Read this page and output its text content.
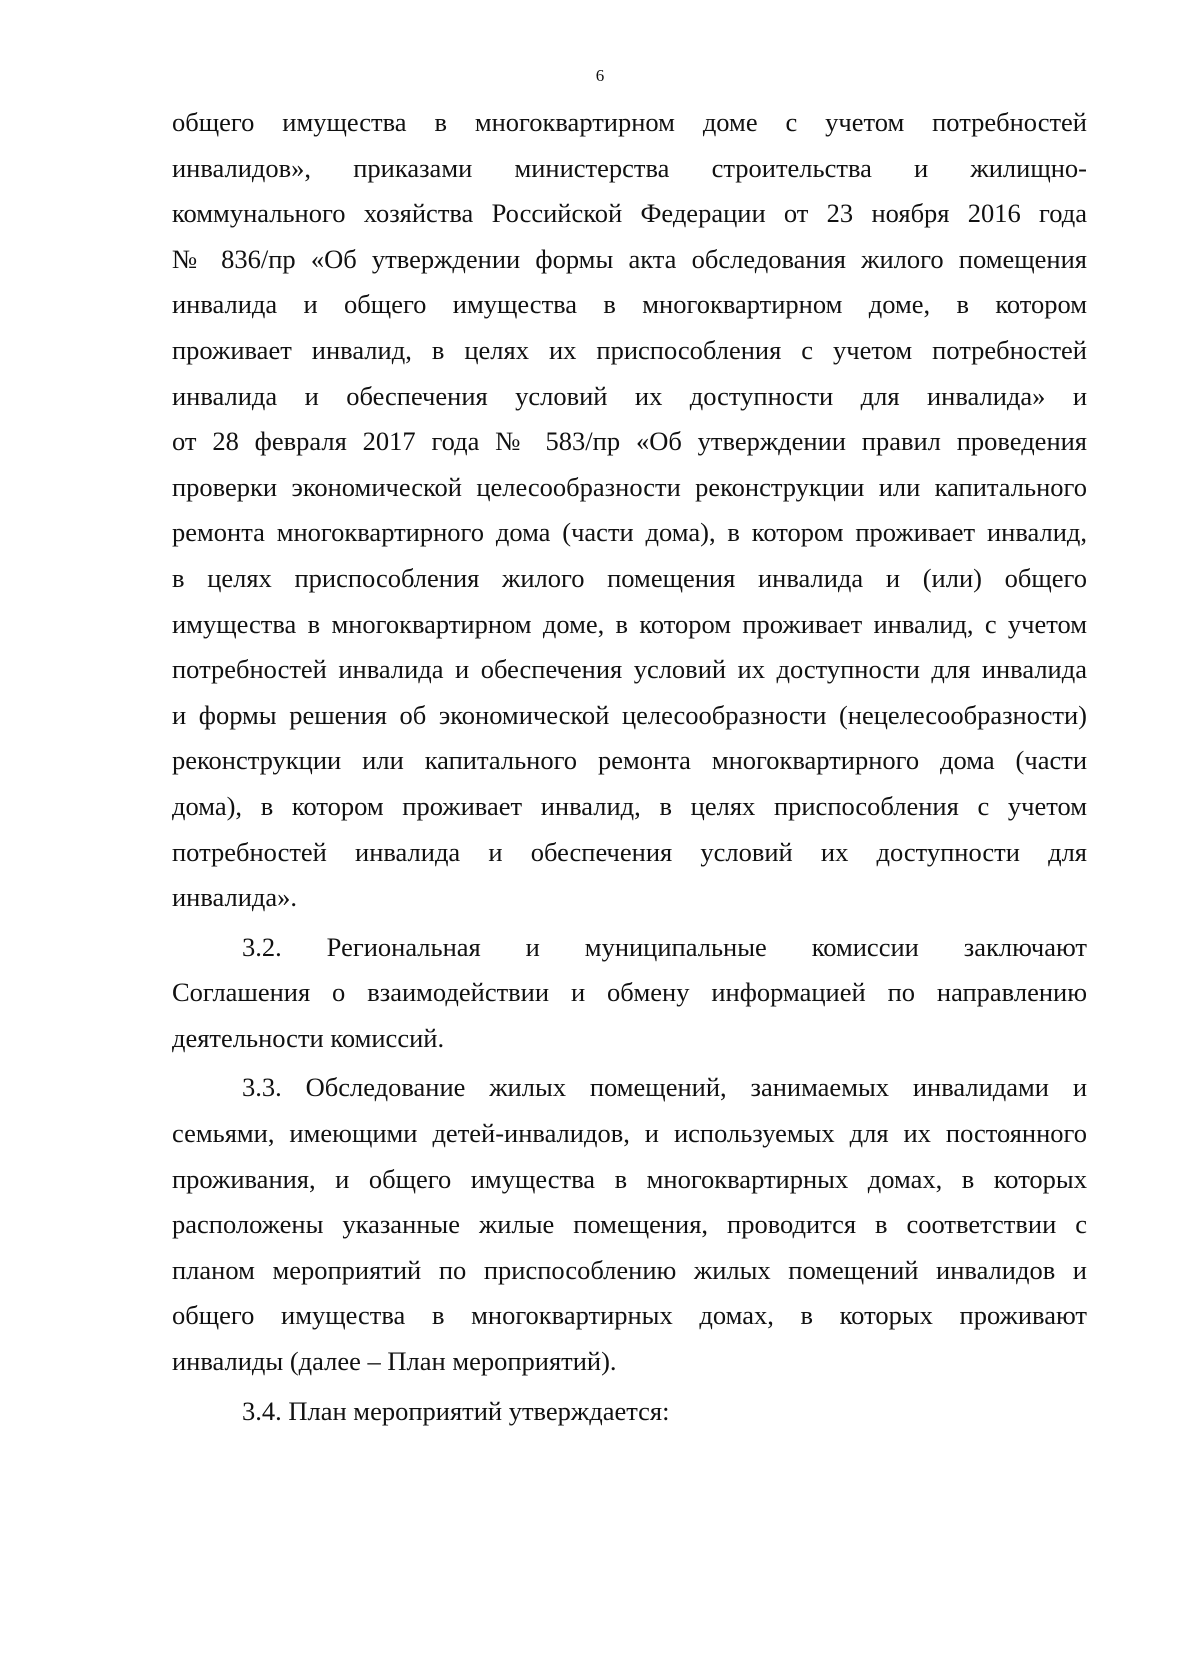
6
общего имущества в многоквартирном доме с учетом потребностей
инвалидов», приказами министерства строительства и жилищно-
коммунального хозяйства Российской Федерации от 23 ноября 2016 года
№ 836/пр «Об утверждении формы акта обследования жилого помещения
инвалида и общего имущества в многоквартирном доме, в котором
проживает инвалид, в целях их приспособления с учетом потребностей
инвалида и обеспечения условий их доступности для инвалида» и
от 28 февраля 2017 года № 583/пр «Об утверждении правил проведения
проверки экономической целесообразности реконструкции или капитального
ремонта многоквартирного дома (части дома), в котором проживает инвалид,
в целях приспособления жилого помещения инвалида и (или) общего
имущества в многоквартирном доме, в котором проживает инвалид, с учетом
потребностей инвалида и обеспечения условий их доступности для инвалида
и формы решения об экономической целесообразности (нецелесообразности)
реконструкции или капитального ремонта многоквартирного дома (части
дома), в котором проживает инвалид, в целях приспособления с учетом
потребностей инвалида и обеспечения условий их доступности для
инвалида».
3.2. Региональная и муниципальные комиссии заключают
Соглашения о взаимодействии и обмену информацией по направлению
деятельности комиссий.
3.3. Обследование жилых помещений, занимаемых инвалидами и
семьями, имеющими детей-инвалидов, и используемых для их постоянного
проживания, и общего имущества в многоквартирных домах, в которых
расположены указанные жилые помещения, проводится в соответствии с
планом мероприятий по приспособлению жилых помещений инвалидов и
общего имущества в многоквартирных домах, в которых проживают
инвалиды (далее – План мероприятий).
3.4. План мероприятий утверждается:
